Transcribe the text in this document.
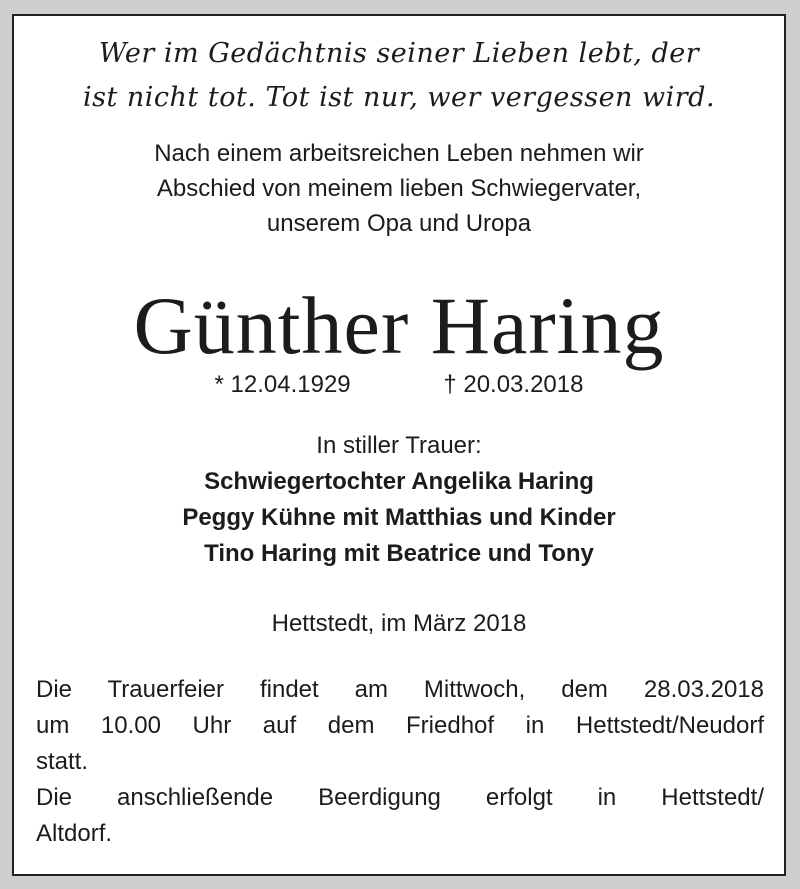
Wer im Gedächtnis seiner Lieben lebt, der
ist nicht tot. Tot ist nur, wer vergessen wird.
Nach einem arbeitsreichen Leben nehmen wir
Abschied von meinem lieben Schwiegervater,
unserem Opa und Uropa
Günther Haring
* 12.04.1929	† 20.03.2018
In stiller Trauer:
Schwiegertochter Angelika Haring
Peggy Kühne mit Matthias und Kinder
Tino Haring mit Beatrice und Tony
Hettstedt, im März 2018
Die Trauerfeier findet am Mittwoch, dem 28.03.2018
um 10.00 Uhr auf dem Friedhof in Hettstedt/Neudorf
statt.
Die anschließende Beerdigung erfolgt in Hettstedt/
Altdorf.
